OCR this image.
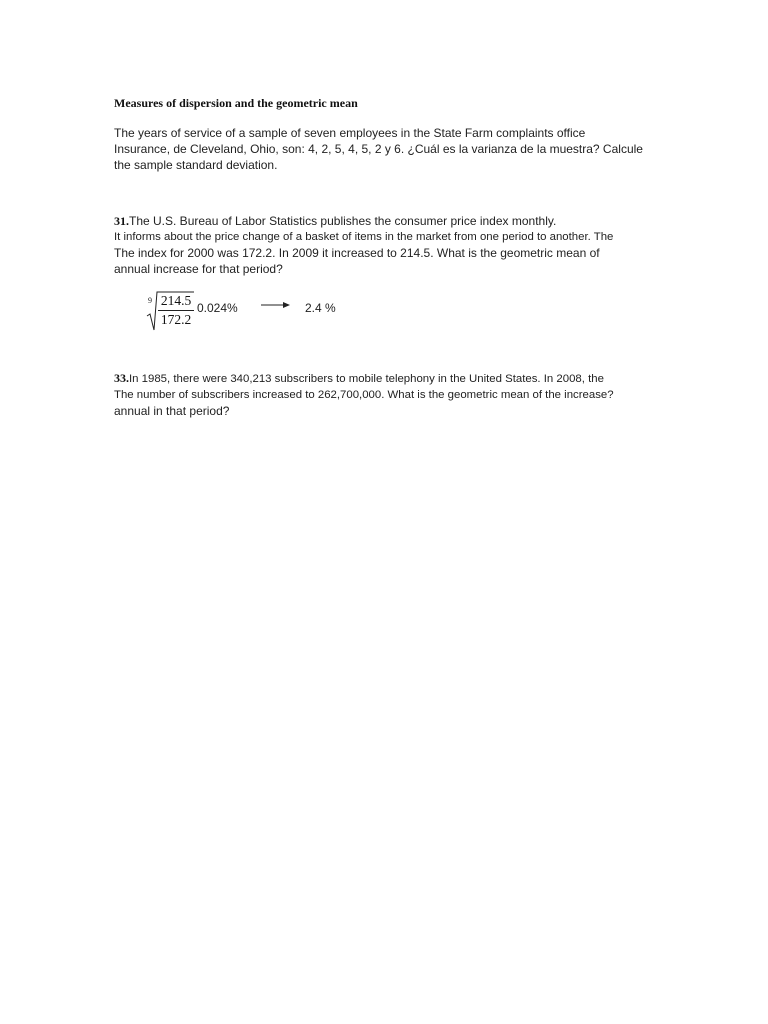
Measures of dispersion and the geometric mean
The years of service of a sample of seven employees in the State Farm complaints office
Insurance, de Cleveland, Ohio, son: 4, 2, 5, 4, 5, 2 y 6. ¿Cuál es la varianza de la muestra? Calcule
the sample standard deviation.
31.The U.S. Bureau of Labor Statistics publishes the consumer price index monthly.
It informs about the price change of a basket of items in the market from one period to another. The
The index for 2000 was 172.2. In 2009 it increased to 214.5. What is the geometric mean of
annual increase for that period?
$9 \frac{214.5}{172.2} 0.024\%$	2.4 %
33.In 1985, there were 340,213 subscribers to mobile telephony in the United States. In 2008, the
The number of subscribers increased to 262,700,000. What is the geometric mean of the increase?
annual in that period?
